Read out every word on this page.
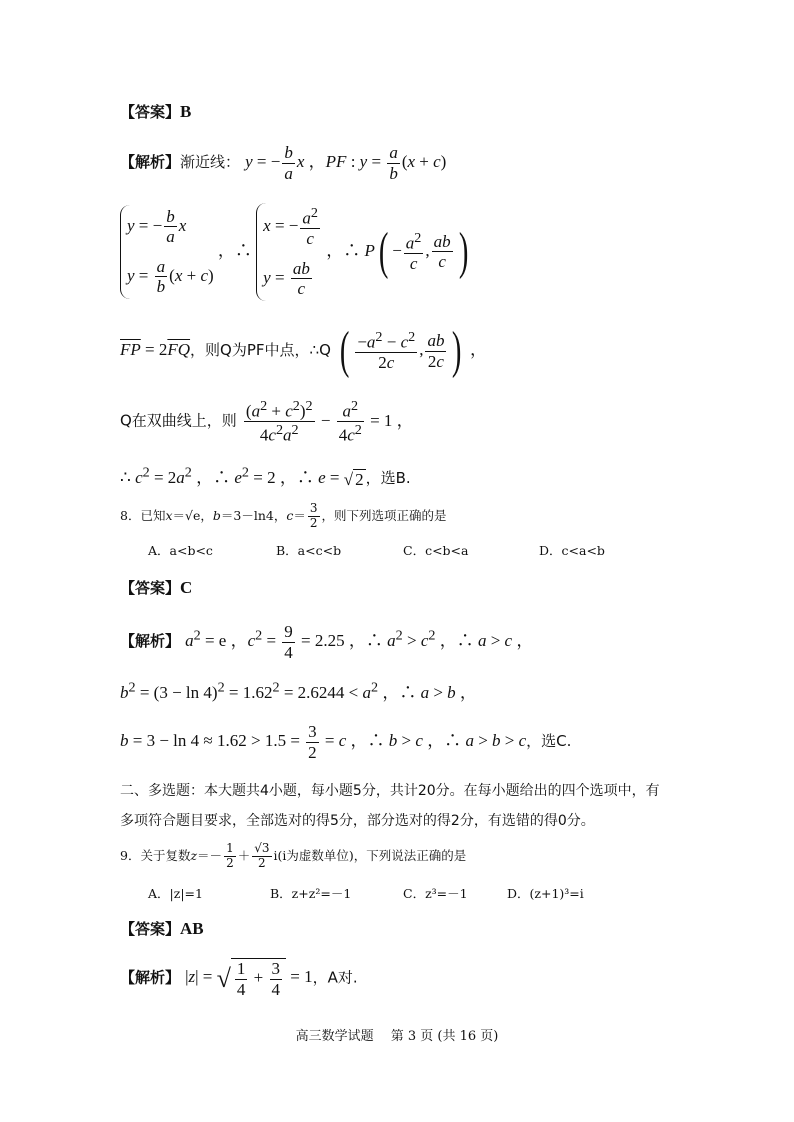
【答案】B
【解析】渐近线： y = − $\frac{b}{a}$ x ，PF : $y = \frac{a}{b} (x + c)$
y = − $\frac{b}{a}$ x
$y = \frac{a}{b} (x + c)$
，∴
x = − $\frac{a^2}{c}$
$y = \frac{ab}{c}$
，∴ $P( - \frac{a^2}{c}$ , $\frac{ab}{c}$ )
$\overline{FP} = 2\overline{FQ}$，则Q为PF中点，∴Q ( $\frac{-a^2 - c^2}{2c}$ , $\frac{ab}{2c}$ ) ，
Q在双曲线上，则 $\frac{(a^2 + c^2)^2}{4c^2a^2} - \frac{a^2}{4c^2} = 1$ ，
∴ $c^2 = 2a^2$ ，∴ $e^2 = 2$ ，∴ e = √ 2 ，选B.
8．已知x＝√e，b＝3－ln4，$c= \frac{3}{2}$ ，则下列选项正确的是
A．a<b<c	B．a<c<b	C．c<b<a	D．c<a<b
【答案】C
【解析】 $a^2 = e$ ，$c^2 = \frac{9}{4} = 2.25$ ，∴ $a^2 > c^2$ ，∴ a > c ，
$b^2 = (3 - \ln 4)^2 = 1.62^2 = 2.6244 < a^2$ ，∴ a > b ，
$b = 3 - \ln 4 \approx 1.62 > 1.5 = \frac{3}{2} = c$ ，∴ b > c ，∴ a > b > c，选C.
二、多选题：本大题共4小题，每小题5分，共计20分。在每小题给出的四个选项中，有
多项符合题目要求，全部选对的得5分，部分选对的得2分，有选错的得0分。
9．关于复数$z=- \frac{1}{2} + \frac{√3}{2} i(i$为虚数单位)，下列说法正确的是
A．|z|=1	B．z+z²=－1	C．z³=－1	D．(z+1)³=i
【答案】AB
【解析】 |z| = √ $\frac{1}{4} + \frac{3}{4} = 1$，A对.
高三数学试题　 第 3 页 (共 16 页)
